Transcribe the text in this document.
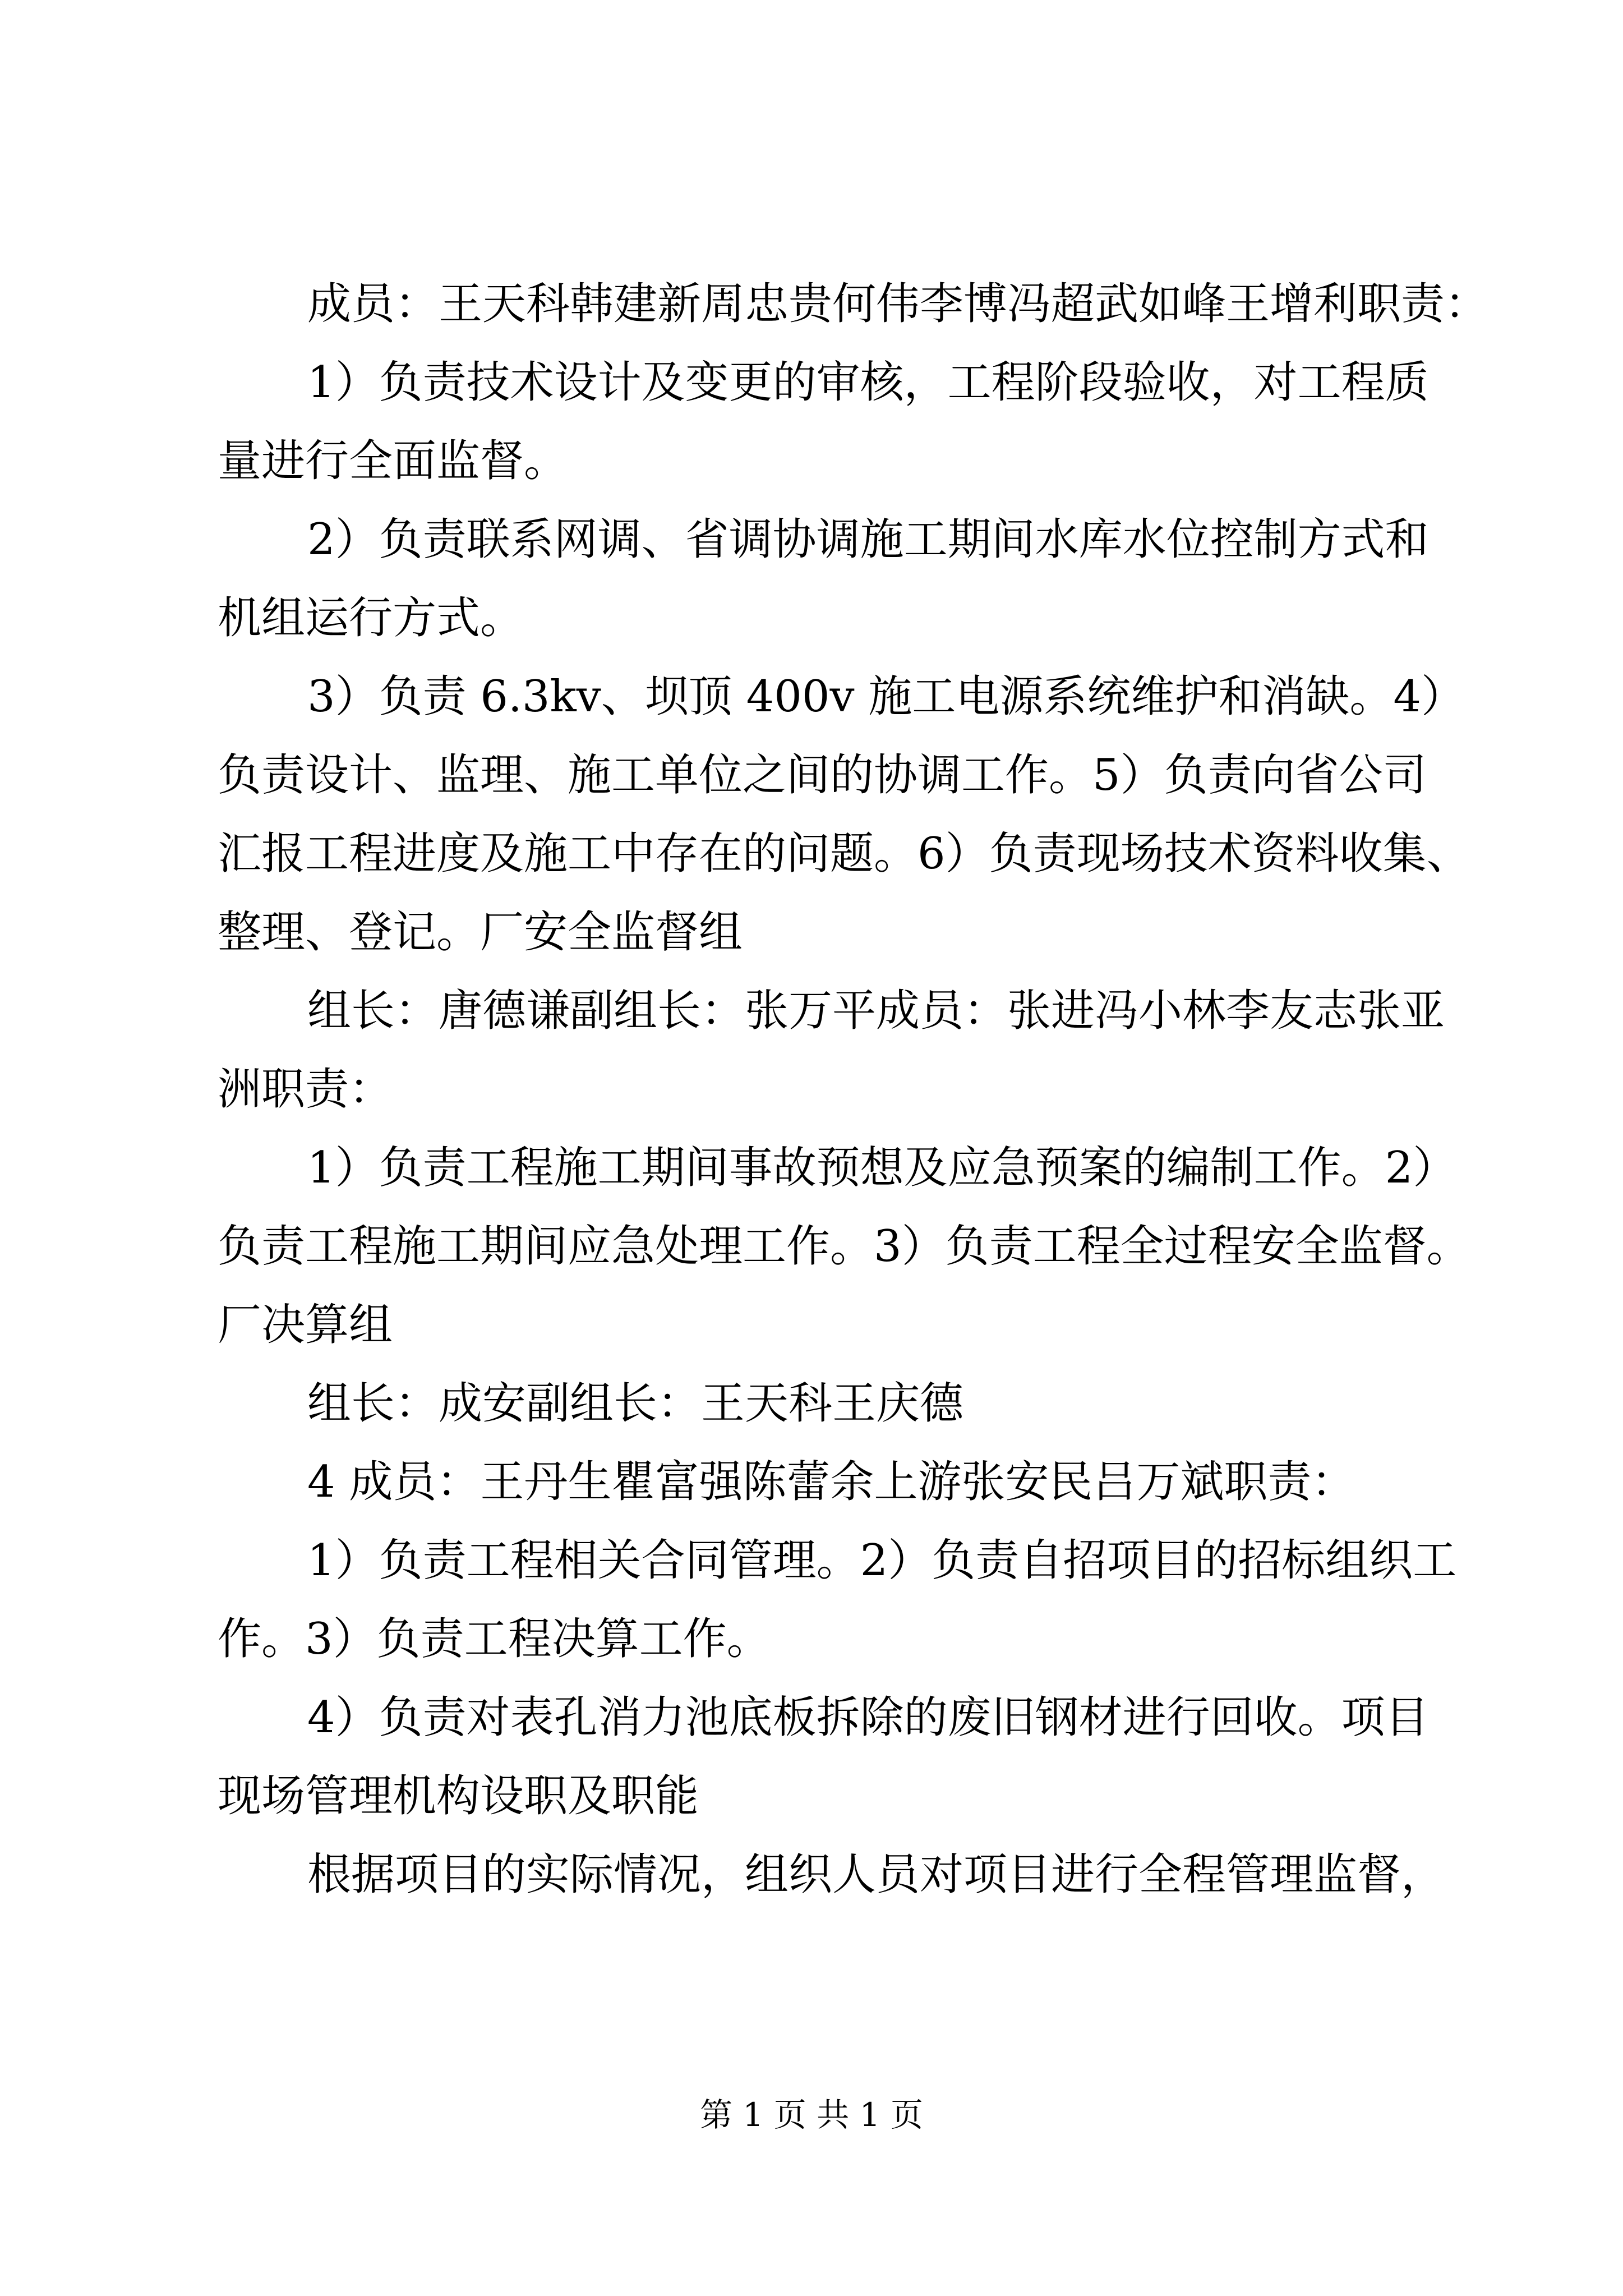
成员：王天科韩建新周忠贵何伟李博冯超武如峰王增利职责：
1）负责技术设计及变更的审核，工程阶段验收，对工程质
量进行全面监督。
2）负责联系网调、省调协调施工期间水库水位控制方式和
机组运行方式。
3）负责 6.3kv、坝顶 400v 施工电源系统维护和消缺。4）
负责设计、监理、施工单位之间的协调工作。5）负责向省公司
汇报工程进度及施工中存在的问题。6）负责现场技术资料收集、
整理、登记。厂安全监督组
组长：唐德谦副组长：张万平成员：张进冯小林李友志张亚
洲职责：
1）负责工程施工期间事故预想及应急预案的编制工作。2）
负责工程施工期间应急处理工作。3）负责工程全过程安全监督。
厂决算组
组长：成安副组长：王天科王庆德
4 成员：王丹生瞿富强陈蕾余上游张安民吕万斌职责：
1）负责工程相关合同管理。2）负责自招项目的招标组织工
作。3）负责工程决算工作。
4）负责对表孔消力池底板拆除的废旧钢材进行回收。项目
现场管理机构设职及职能
根据项目的实际情况，组织人员对项目进行全程管理监督，
第 1 页 共 1 页
